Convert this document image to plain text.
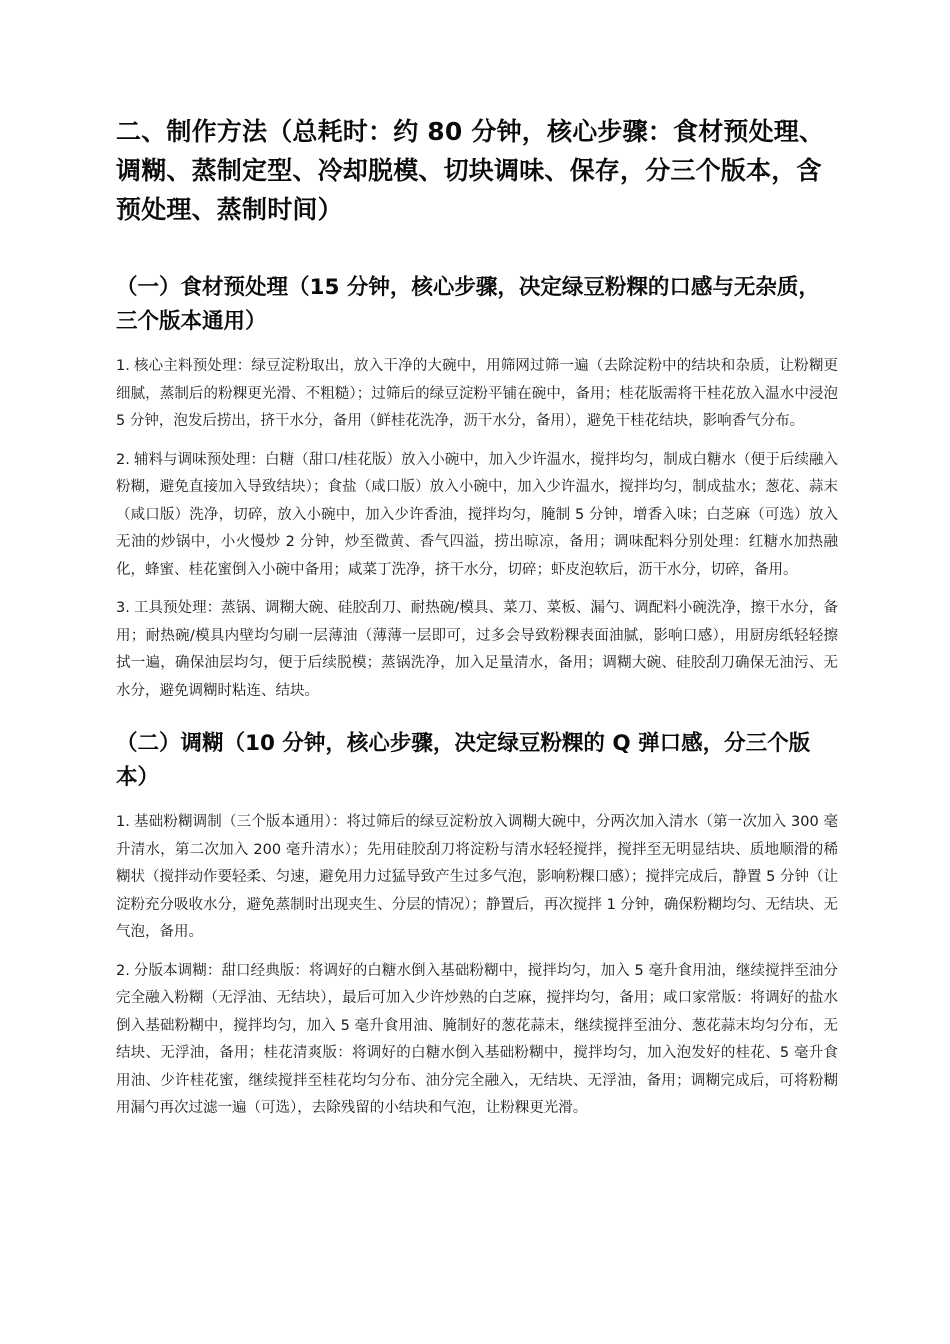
二、制作方法（总耗时：约 80 分钟，核心步骤：食材预处理、调糊、蒸制定型、冷却脱模、切块调味、保存，分三个版本，含预处理、蒸制时间）
（一）食材预处理（15 分钟，核心步骤，决定绿豆粉粿的口感与无杂质，三个版本通用）

1. 核心主料预处理：绿豆淀粉取出，放入干净的大碗中，用筛网过筛一遍（去除淀粉中的结块和杂质，让粉糊更细腻，蒸制后的粉粿更光滑、不粗糙）；过筛后的绿豆淀粉平铺在碗中，备用；桂花版需将干桂花放入温水中浸泡 5 分钟，泡发后捞出，挤干水分，备用（鲜桂花洗净，沥干水分，备用），避免干桂花结块，影响香气分布。

2. 辅料与调味预处理：白糖（甜口/桂花版）放入小碗中，加入少许温水，搅拌均匀，制成白糖水（便于后续融入粉糊，避免直接加入导致结块）；食盐（咸口版）放入小碗中，加入少许温水，搅拌均匀，制成盐水；葱花、蒜末（咸口版）洗净，切碎，放入小碗中，加入少许香油，搅拌均匀，腌制 5 分钟，增香入味；白芝麻（可选）放入无油的炒锅中，小火慢炒 2 分钟，炒至微黄、香气四溢，捞出晾凉，备用；调味配料分别处理：红糖水加热融化，蜂蜜、桂花蜜倒入小碗中备用；咸菜丁洗净，挤干水分，切碎；虾皮泡软后，沥干水分，切碎，备用。

3. 工具预处理：蒸锅、调糊大碗、硅胶刮刀、耐热碗/模具、菜刀、菜板、漏勺、调配料小碗洗净，擦干水分，备用；耐热碗/模具内壁均匀刷一层薄油（薄薄一层即可，过多会导致粉粿表面油腻，影响口感），用厨房纸轻轻擦拭一遍，确保油层均匀，便于后续脱模；蒸锅洗净，加入足量清水，备用；调糊大碗、硅胶刮刀确保无油污、无水分，避免调糊时粘连、结块。

（二）调糊（10 分钟，核心步骤，决定绿豆粉粿的 Q 弹口感，分三个版本）

1. 基础粉糊调制（三个版本通用）：将过筛后的绿豆淀粉放入调糊大碗中，分两次加入清水（第一次加入 300 毫升清水，第二次加入 200 毫升清水）；先用硅胶刮刀将淀粉与清水轻轻搅拌，搅拌至无明显结块、质地顺滑的稀糊状（搅拌动作要轻柔、匀速，避免用力过猛导致产生过多气泡，影响粉粿口感）；搅拌完成后，静置 5 分钟（让淀粉充分吸收水分，避免蒸制时出现夹生、分层的情况）；静置后，再次搅拌 1 分钟，确保粉糊均匀、无结块、无气泡，备用。

2. 分版本调糊：甜口经典版：将调好的白糖水倒入基础粉糊中，搅拌均匀，加入 5 毫升食用油，继续搅拌至油分完全融入粉糊（无浮油、无结块），最后可加入少许炒熟的白芝麻，搅拌均匀，备用；咸口家常版：将调好的盐水倒入基础粉糊中，搅拌均匀，加入 5 毫升食用油、腌制好的葱花蒜末，继续搅拌至油分、葱花蒜末均匀分布，无结块、无浮油，备用；桂花清爽版：将调好的白糖水倒入基础粉糊中，搅拌均匀，加入泡发好的桂花、5 毫升食用油、少许桂花蜜，继续搅拌至桂花均匀分布、油分完全融入，无结块、无浮油，备用；调糊完成后，可将粉糊用漏勺再次过滤一遍（可选），去除残留的小结块和气泡，让粉粿更光滑。
